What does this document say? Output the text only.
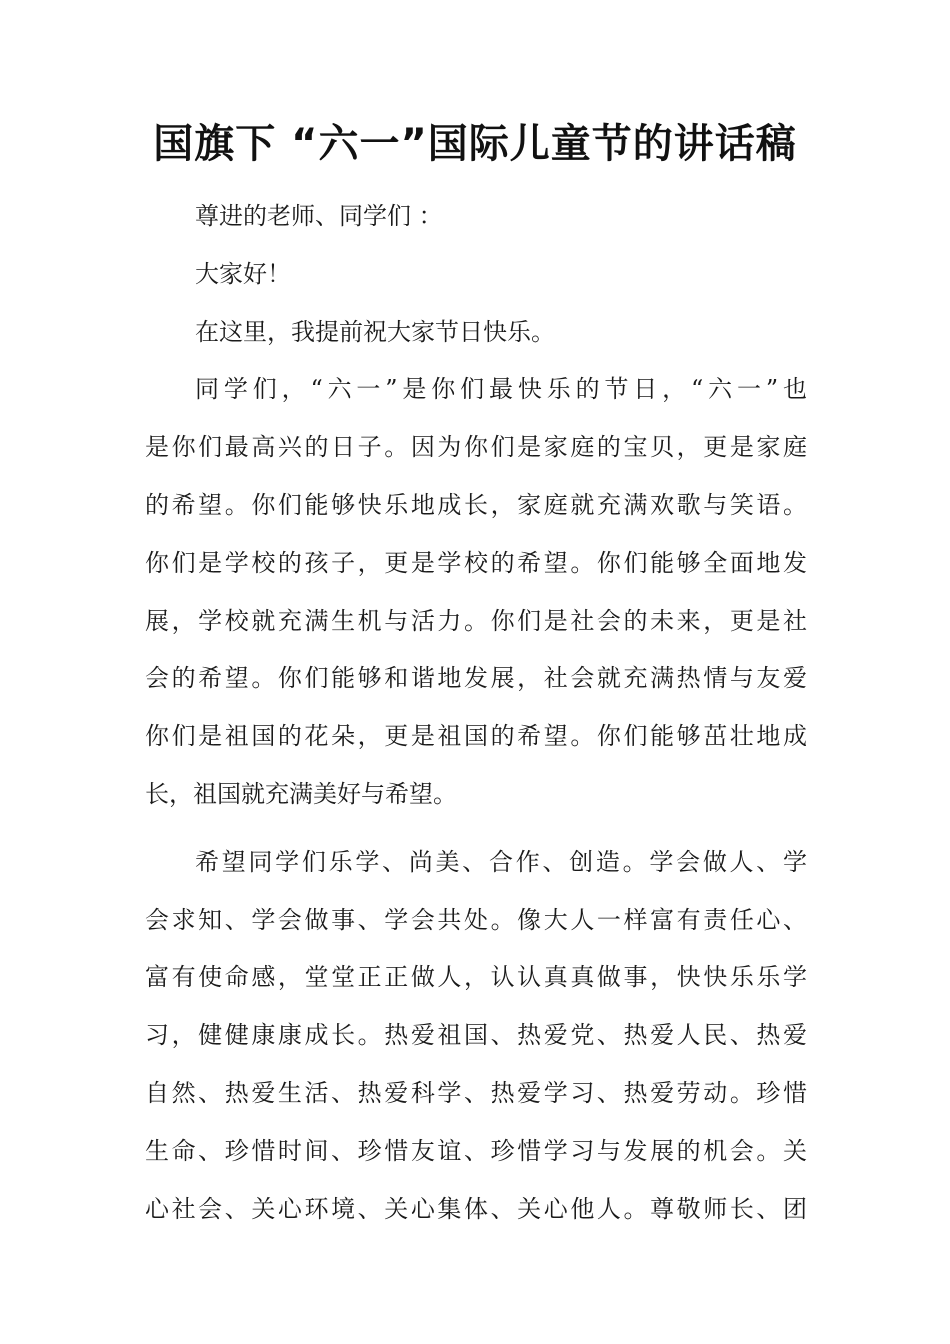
国旗下 “六一”国际儿童节的讲话稿
尊进的老师、同学们 ：
大家好！
在这里，我提前祝大家节日快乐。
同学们，“六一”是你们最快乐的节日，“六一”也
是你们最高兴的日子。因为你们是家庭的宝贝，更是家庭
的希望。你们能够快乐地成长，家庭就充满欢歌与笑语。
你们是学校的孩子，更是学校的希望。你们能够全面地发
展，学校就充满生机与活力。你们是社会的未来，更是社
会的希望。你们能够和谐地发展，社会就充满热情与友爱
你们是祖国的花朵，更是祖国的希望。你们能够茁壮地成
长，祖国就充满美好与希望。
希望同学们乐学、尚美、合作、创造。学会做人、学
会求知、学会做事、学会共处。像大人一样富有责任心、
富有使命感，堂堂正正做人，认认真真做事，快快乐乐学
习，健健康康成长。热爱祖国、热爱党、热爱人民、热爱
自然、热爱生活、热爱科学、热爱学习、热爱劳动。珍惜
生命、珍惜时间、珍惜友谊、珍惜学习与发展的机会。关
心社会、关心环境、关心集体、关心他人。尊敬师长、团
